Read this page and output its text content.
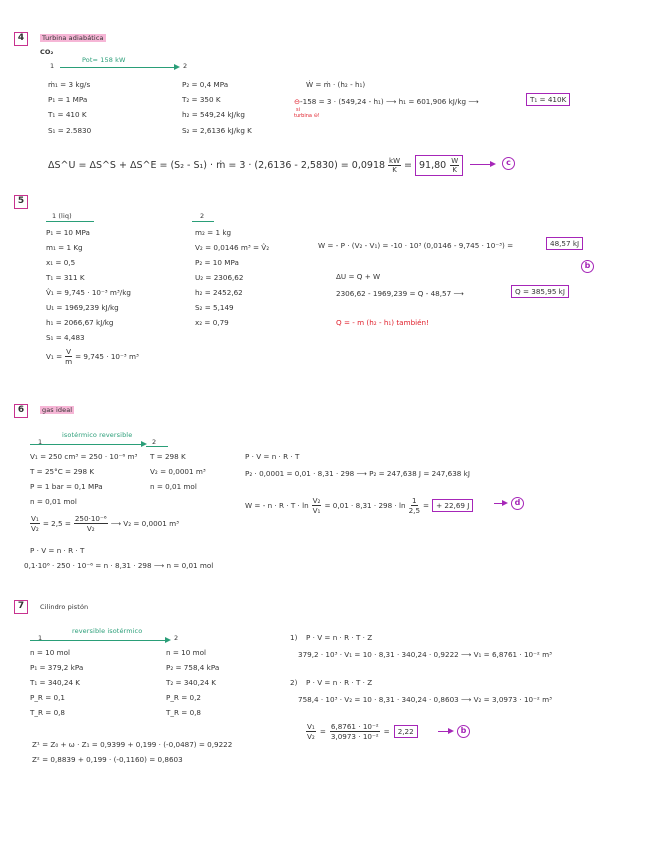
4	Turbina adiabática
CO₂
1
Pot= 158 kW
2
ṁ₁ = 3 kg/s
P₁ = 1 MPa
T₁ = 410 K
S₁ = 2.5830
P₂ = 0,4 MPa
T₂ = 350 K
h₂ = 549,24 kJ/kg
S₂ = 2,6136 kJ/kg K
Ẇ = ṁ · (h₂ - h₁)
⊖-158 = 3 · (549,24 - h₁) ⟶ h₁ = 601,906 kJ/kg ⟶	T₁ = 410K
si
turbina ⊖!
ΔS^U = ΔS^S + ΔS^E = (S₂ - S₁) · ṁ = $3 \cdot (2,6136 - 2,5830) = 0,0918 \frac{kW}{K} = 91,80 \frac{W}{K}$	c
5
1 (liq)	2
P₁ = 10 MPa
m₁ = 1 Kg
x₁ = 0,5
T₁ = 311 K
V̂₁ = 9,745 · 10⁻³ m³/kg
U₁ = 1969,239 kJ/kg
h₁ = 2066,67 kJ/kg
S₁ = 4,483
$V_1 = \frac{V}{m} = 9,745 \cdot 10^{-3}$ m³
m₂ = 1 kg
V₂ = 0,0146 m³ = V̂₂
P₂ = 10 MPa
U₂ = 2306,62
h₂ = 2452,62
S₂ = 5,149
x₂ = 0,79
W = - P · (V₂ - V₁) = -10 · 10³ (0,0146 - 9,745 · 10⁻³) =	48,57 kJ
b
ΔU = Q + W
2306,62 - 1969,239 = Q - 48,57 ⟶	Q = 385,95 kJ
Q = - m (h₂ - h₁) también!
6	gas ideal
1
isotérmico reversible
2
V₁ = 250 cm³ = 250 · 10⁻⁶ m³
T = 25°C = 298 K
P = 1 bar = 0,1 MPa
n = 0,01 mol
T = 298 K
V₂ = 0,0001 m³
n = 0,01 mol
$\frac{\text{V₁}}{\text{V₂}} = 2,5 = \frac{\text{250·10⁻⁶}}{\text{V₂}}$ ⟶ V₂ = 0,0001 m³
P · V = n · R · T
0,1·10⁶ · 250 · 10⁻⁶ = n · 8,31 · 298 ⟶ n = 0,01 mol
P · V = n · R · T
P₂ · 0,0001 = 0,01 · 8,31 · 298 ⟶ P₂ = 247,638 J = 247,638 kJ
W = - $n \cdot R \cdot T \cdot \ln \frac{\text{V₂}}{\text{V₁}} = 0,01 \cdot 8,31 \cdot 298 \cdot \ln \frac{1}{2,5}$ = + 22,69 J	d
7	Cilindro pistón
1
reversible isotérmico
2
n = 10 mol
P₁ = 379,2 kPa
T₁ = 340,24 K
P_R = 0,1
T_R = 0,8
n = 10 mol
P₂ = 758,4 kPa
T₂ = 340,24 K
P_R = 0,2
T_R = 0,8
Z¹ = Z₀ + ω · Z₁ = 0,9399 + 0,199 · (-0,0487) = 0,9222
Z² = 0,8839 + 0,199 · (-0,1160) = 0,8603
1) P · V = n · R · T · Z
379,2 · 10³ · V₁ = 10 · 8,31 · 340,24 · 0,9222 ⟶ V₁ = 6,8761 · 10⁻² m³
2) P · V = n · R · T · Z
758,4 · 10³ · V₂ = 10 · 8,31 · 340,24 · 0,8603 ⟶ V₂ = 3,0973 · 10⁻² m³
$\frac{\text{V₁}}{\text{V₂}} = \frac{\text{6,8761 · 10⁻²}}{\text{3,0973 · 10⁻²}}$ =	2,22	b
